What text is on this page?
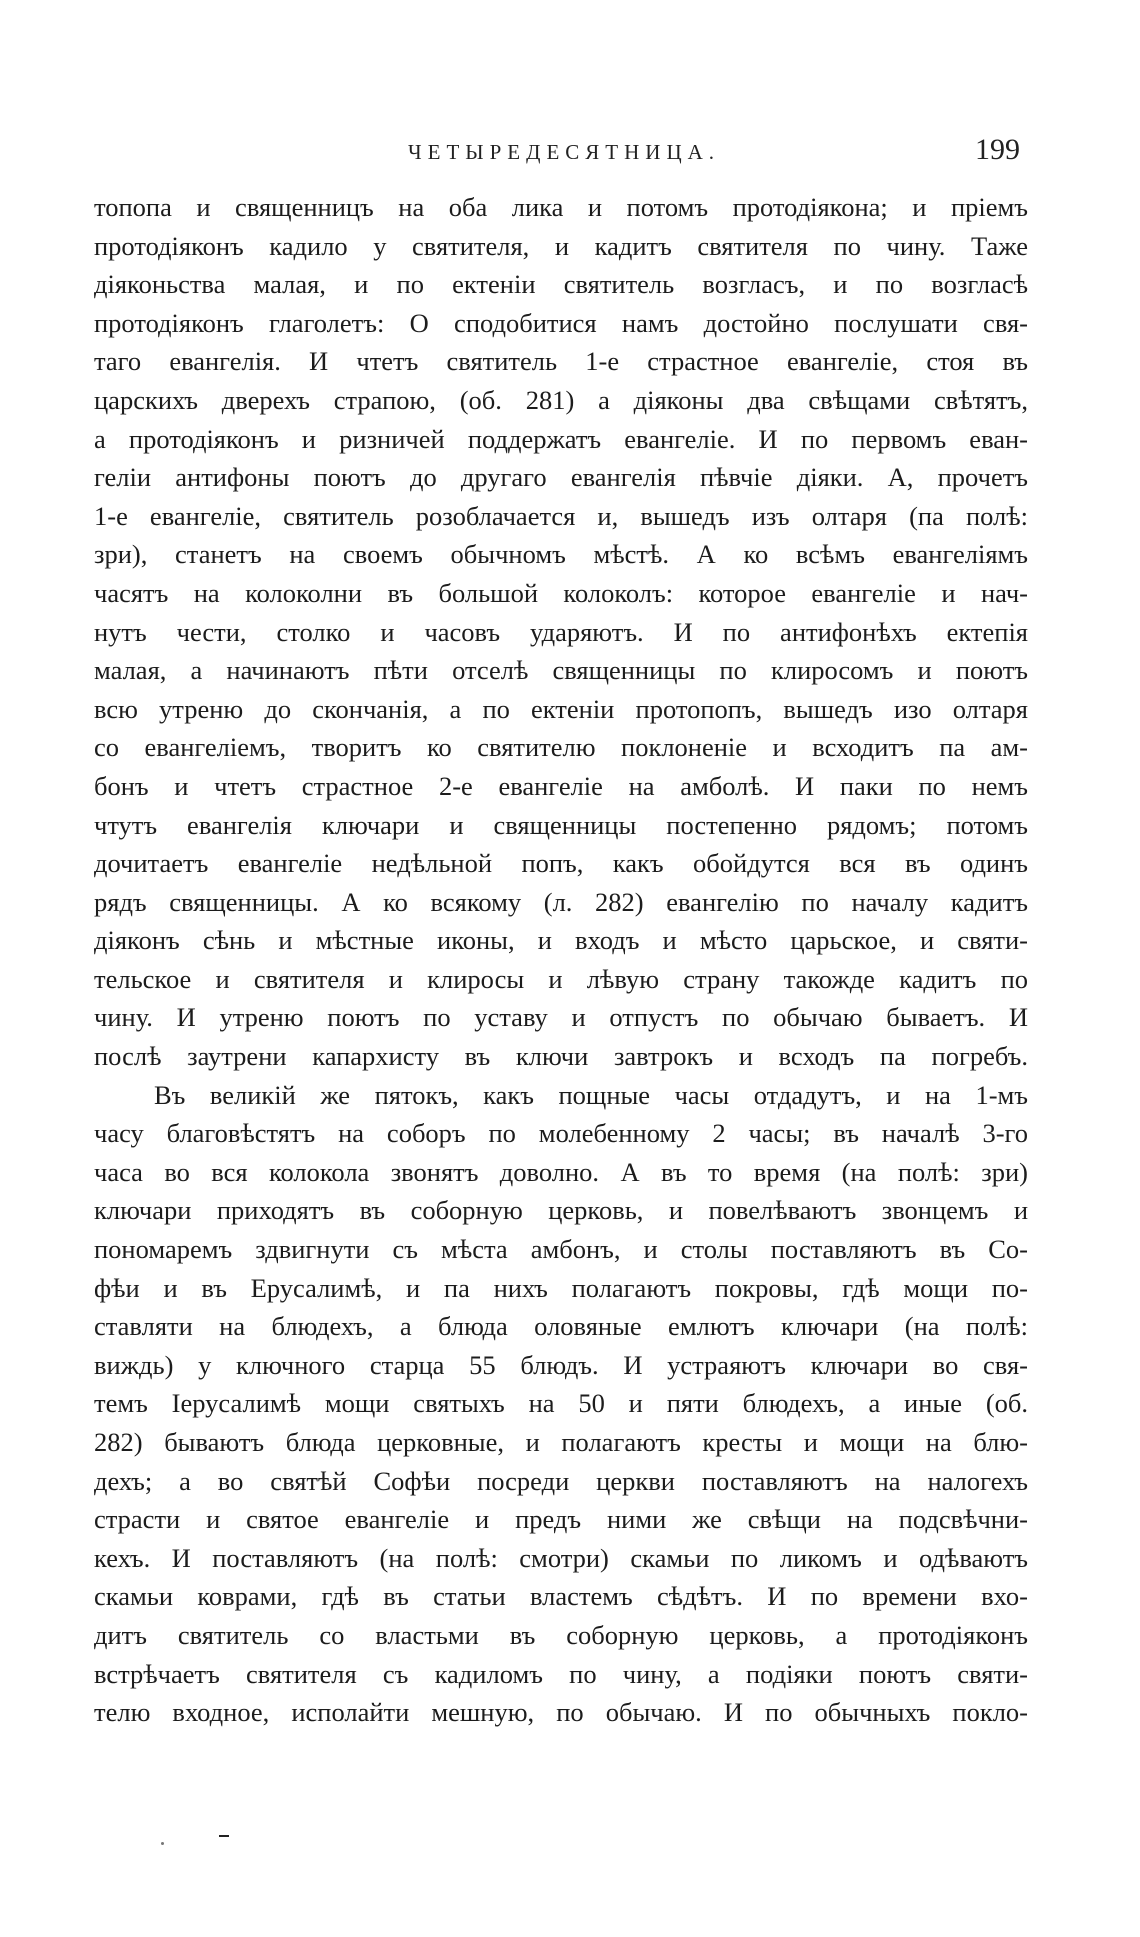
ЧЕТЫРЕДЕСЯТНИЦА.	199
топопа и священницъ на оба лика и потомъ протодіякона; и пріемъ
протодіяконъ кадило у святителя, и кадитъ святителя по чину. Таже
діяконьства малая, и по ектеніи святитель возгласъ, и по возгласѣ
протодіяконъ глаголетъ: О сподобитися намъ достойно послушати свя-
таго евангелія. И чтетъ святитель 1-е страстное евангеліе, стоя въ
царскихъ дверехъ страпою, (об. 281) а діяконы два свѣщами свѣтятъ,
а протодіяконъ и ризничей поддержатъ евангеліе. И по первомъ еван-
геліи антифоны поютъ до другаго евангелія пѣвчіе діяки. А, прочетъ
1-е евангеліе, святитель розоблачается и, вышедъ изъ олтаря (па полѣ:
зри), станетъ на своемъ обычномъ мѣстѣ. А ко всѣмъ евангеліямъ
часятъ на колоколни въ большой колоколъ: которое евангеліе и нач-
нутъ чести, столко и часовъ ударяютъ. И по антифонѣхъ ектепія
малая, а начинаютъ пѣти отселѣ священницы по клиросомъ и поютъ
всю утреню до скончанія, а по ектеніи протопопъ, вышедъ изо олтаря
со евангеліемъ, творитъ ко святителю поклоненіе и всходитъ па ам-
бонъ и чтетъ страстное 2-е евангеліе на амболѣ. И паки по немъ
чтутъ евангелія ключари и священницы постепенно рядомъ; потомъ
дочитаетъ евангеліе недѣльной попъ, какъ обойдутся вся въ одинъ
рядъ священницы. А ко всякому (л. 282) евангелію по началу кадитъ
діяконъ сѣнь и мѣстные иконы, и входъ и мѣсто царьское, и святи-
тельское и святителя и клиросы и лѣвую страну такожде кадитъ по
чину. И утреню поютъ по уставу и отпустъ по обычаю бываетъ. И
послѣ заутрени капархисту въ ключи завтрокъ и всходъ па погребъ.
Въ великій же пятокъ, какъ пощные часы отдадутъ, и на 1-мъ
часу благовѣстятъ на соборъ по молебенному 2 часы; въ началѣ 3-го
часа во вся колокола звонятъ доволно. А въ то время (на полѣ: зри)
ключари приходятъ въ соборную церковь, и повелѣваютъ звонцемъ и
пономаремъ здвигнути съ мѣста амбонъ, и столы поставляютъ въ Со-
фѣи и въ Ерусалимѣ, и па нихъ полагаютъ покровы, гдѣ мощи по-
ставляти на блюдехъ, а блюда оловяные емлютъ ключари (на полѣ:
виждь) у ключного старца 55 блюдъ. И устраяютъ ключари во свя-
темъ Іерусалимѣ мощи святыхъ на 50 и пяти блюдехъ, а иные (об.
282) бываютъ блюда церковные, и полагаютъ кресты и мощи на блю-
дехъ; а во святѣй Софѣи посреди церкви поставляютъ на налогехъ
страсти и святое евангеліе и предъ ними же свѣщи на подсвѣчни-
кехъ. И поставляютъ (на полѣ: смотри) скамьи по ликомъ и одѣваютъ
скамьи коврами, гдѣ въ статьи властемъ сѣдѣтъ. И по времени вхо-
дитъ святитель со властьми въ соборную церковь, а протодіяконъ
встрѣчаетъ святителя съ кадиломъ по чину, а подіяки поютъ святи-
телю входное, исполайти мешную, по обычаю. И по обычныхъ покло-
